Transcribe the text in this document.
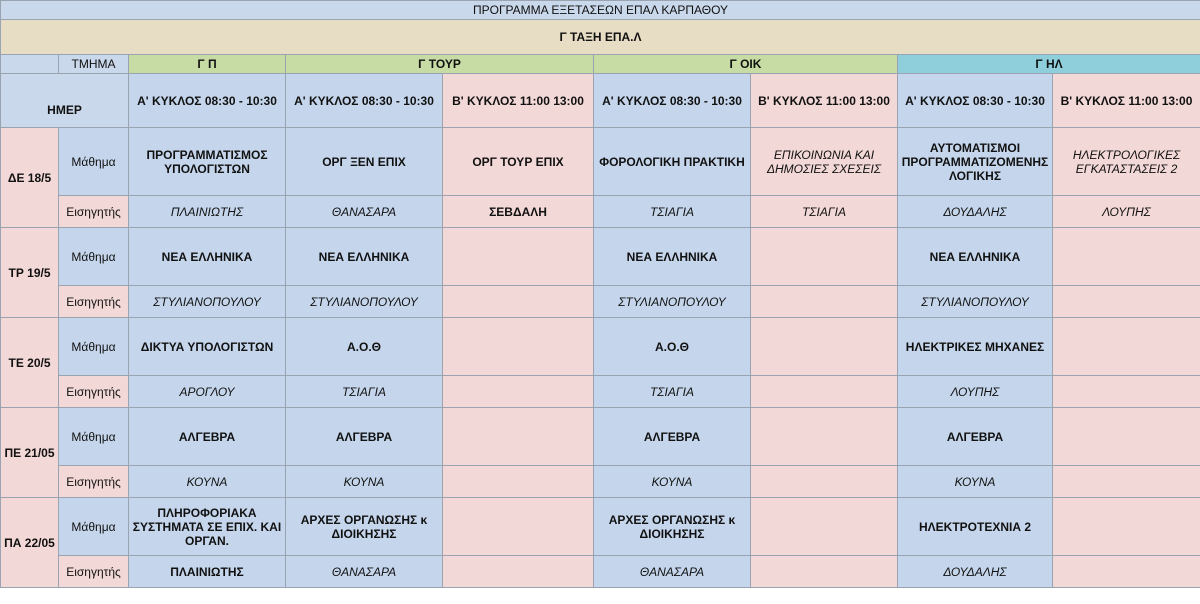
ΠΡΟΓΡΑΜΜΑ ΕΞΕΤΑΣΕΩΝ ΕΠΑΛ ΚΑΡΠΑΘΟΥ								
Γ ΤΑΞΗ ΕΠΑ.Λ								
	ΤΜΗΜΑ	Γ Π	Γ ΤΟΥΡ		Γ ΟΙΚ		Γ ΗΛ	
ΗΜΕΡ		Α' ΚΥΚΛΟΣ 08:30 - 10:30	Α' ΚΥΚΛΟΣ 08:30 - 10:30	Β' ΚΥΚΛΟΣ 11:00 13:00	Α' ΚΥΚΛΟΣ 08:30 - 10:30	Β' ΚΥΚΛΟΣ 11:00 13:00	Α' ΚΥΚΛΟΣ 08:30 - 10:30	Β' ΚΥΚΛΟΣ 11:00 13:00
ΔΕ 18/5	Μάθημα	ΠΡΟΓΡΑΜΜΑΤΙΣΜΟΣ ΥΠΟΛΟΓΙΣΤΩΝ	ΟΡΓ ΞΕΝ ΕΠΙΧ	ΟΡΓ ΤΟΥΡ ΕΠΙΧ	ΦΟΡΟΛΟΓΙΚΗ ΠΡΑΚΤΙΚΗ	ΕΠΙΚΟΙΝΩΝΙΑ ΚΑΙ ΔΗΜΟΣΙΕΣ ΣΧΕΣΕΙΣ	ΑΥΤΟΜΑΤΙΣΜΟΙ ΠΡΟΓΡΑΜΜΑΤΙΖΟΜΕΝΗΣ ΛΟΓΙΚΗΣ	ΗΛΕΚΤΡΟΛΟΓΙΚΕΣ ΕΓΚΑΤΑΣΤΑΣΕΙΣ 2
	Εισηγητής	ΠΛΑΙΝΙΩΤΗΣ	ΘΑΝΑΣΑΡΑ	ΣΕΒΔΑΛΗ	ΤΣΙΑΓΙΑ	ΤΣΙΑΓΙΑ	ΔΟΥΔΑΛΗΣ	ΛΟΥΠΗΣ
ΤΡ 19/5	Μάθημα	ΝΕΑ ΕΛΛΗΝΙΚΑ	ΝΕΑ ΕΛΛΗΝΙΚΑ		ΝΕΑ ΕΛΛΗΝΙΚΑ		ΝΕΑ ΕΛΛΗΝΙΚΑ	
	Εισηγητής	ΣΤΥΛΙΑΝΟΠΟΥΛΟΥ	ΣΤΥΛΙΑΝΟΠΟΥΛΟΥ		ΣΤΥΛΙΑΝΟΠΟΥΛΟΥ		ΣΤΥΛΙΑΝΟΠΟΥΛΟΥ	
ΤΕ 20/5	Μάθημα	ΔΙΚΤΥΑ ΥΠΟΛΟΓΙΣΤΩΝ	Α.Ο.Θ		Α.Ο.Θ		ΗΛΕΚΤΡΙΚΕΣ ΜΗΧΑΝΕΣ	
	Εισηγητής	ΑΡΟΓΛΟΥ	ΤΣΙΑΓΙΑ		ΤΣΙΑΓΙΑ		ΛΟΥΠΗΣ	
ΠΕ 21/05	Μάθημα	ΑΛΓΕΒΡΑ	ΑΛΓΕΒΡΑ		ΑΛΓΕΒΡΑ		ΑΛΓΕΒΡΑ	
	Εισηγητής	ΚΟΥΝΑ	ΚΟΥΝΑ		ΚΟΥΝΑ		ΚΟΥΝΑ	
ΠΑ 22/05	Μάθημα	ΠΛΗΡΟΦΟΡΙΑΚΑ ΣΥΣΤΗΜΑΤΑ ΣΕ ΕΠΙΧ. ΚΑΙ ΟΡΓΑΝ.	ΑΡΧΕΣ ΟΡΓΑΝΩΣΗΣ κ ΔΙΟΙΚΗΣΗΣ		ΑΡΧΕΣ ΟΡΓΑΝΩΣΗΣ κ ΔΙΟΙΚΗΣΗΣ		ΗΛΕΚΤΡΟΤΕΧΝΙΑ 2	
	Εισηγητής	ΠΛΑΙΝΙΩΤΗΣ	ΘΑΝΑΣΑΡΑ		ΘΑΝΑΣΑΡΑ		ΔΟΥΔΑΛΗΣ	
